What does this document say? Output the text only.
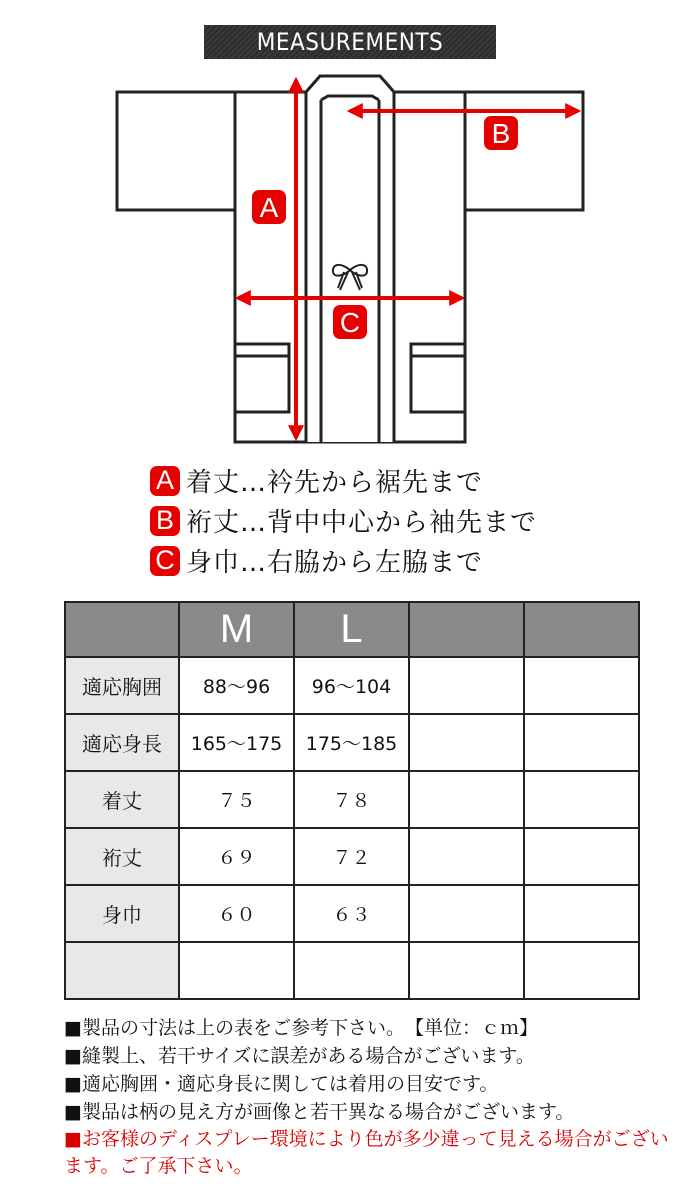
MEASUREMENTS
A
B
C
A 着丈…衿先から裾先まで
B 裄丈…背中中心から袖先まで
C 身巾…右脇から左脇まで
	M	L		
適応胸囲	88～96	96～104		
適応身長	165～175	175～185		
着丈	７５	７８		
裄丈	６９	７２		
身巾	６０	６３		

■製品の寸法は上の表をご参考下さい。　【単位：ｃｍ】
■縫製上、若干サイズに誤差がある場合がございます。
■適応胸囲・適応身長に関しては着用の目安です。
■製品は柄の見え方が画像と若干異なる場合がございます。
■お客様のディスプレー環境により色が多少違って見える場合がございます。ご了承下さい。
